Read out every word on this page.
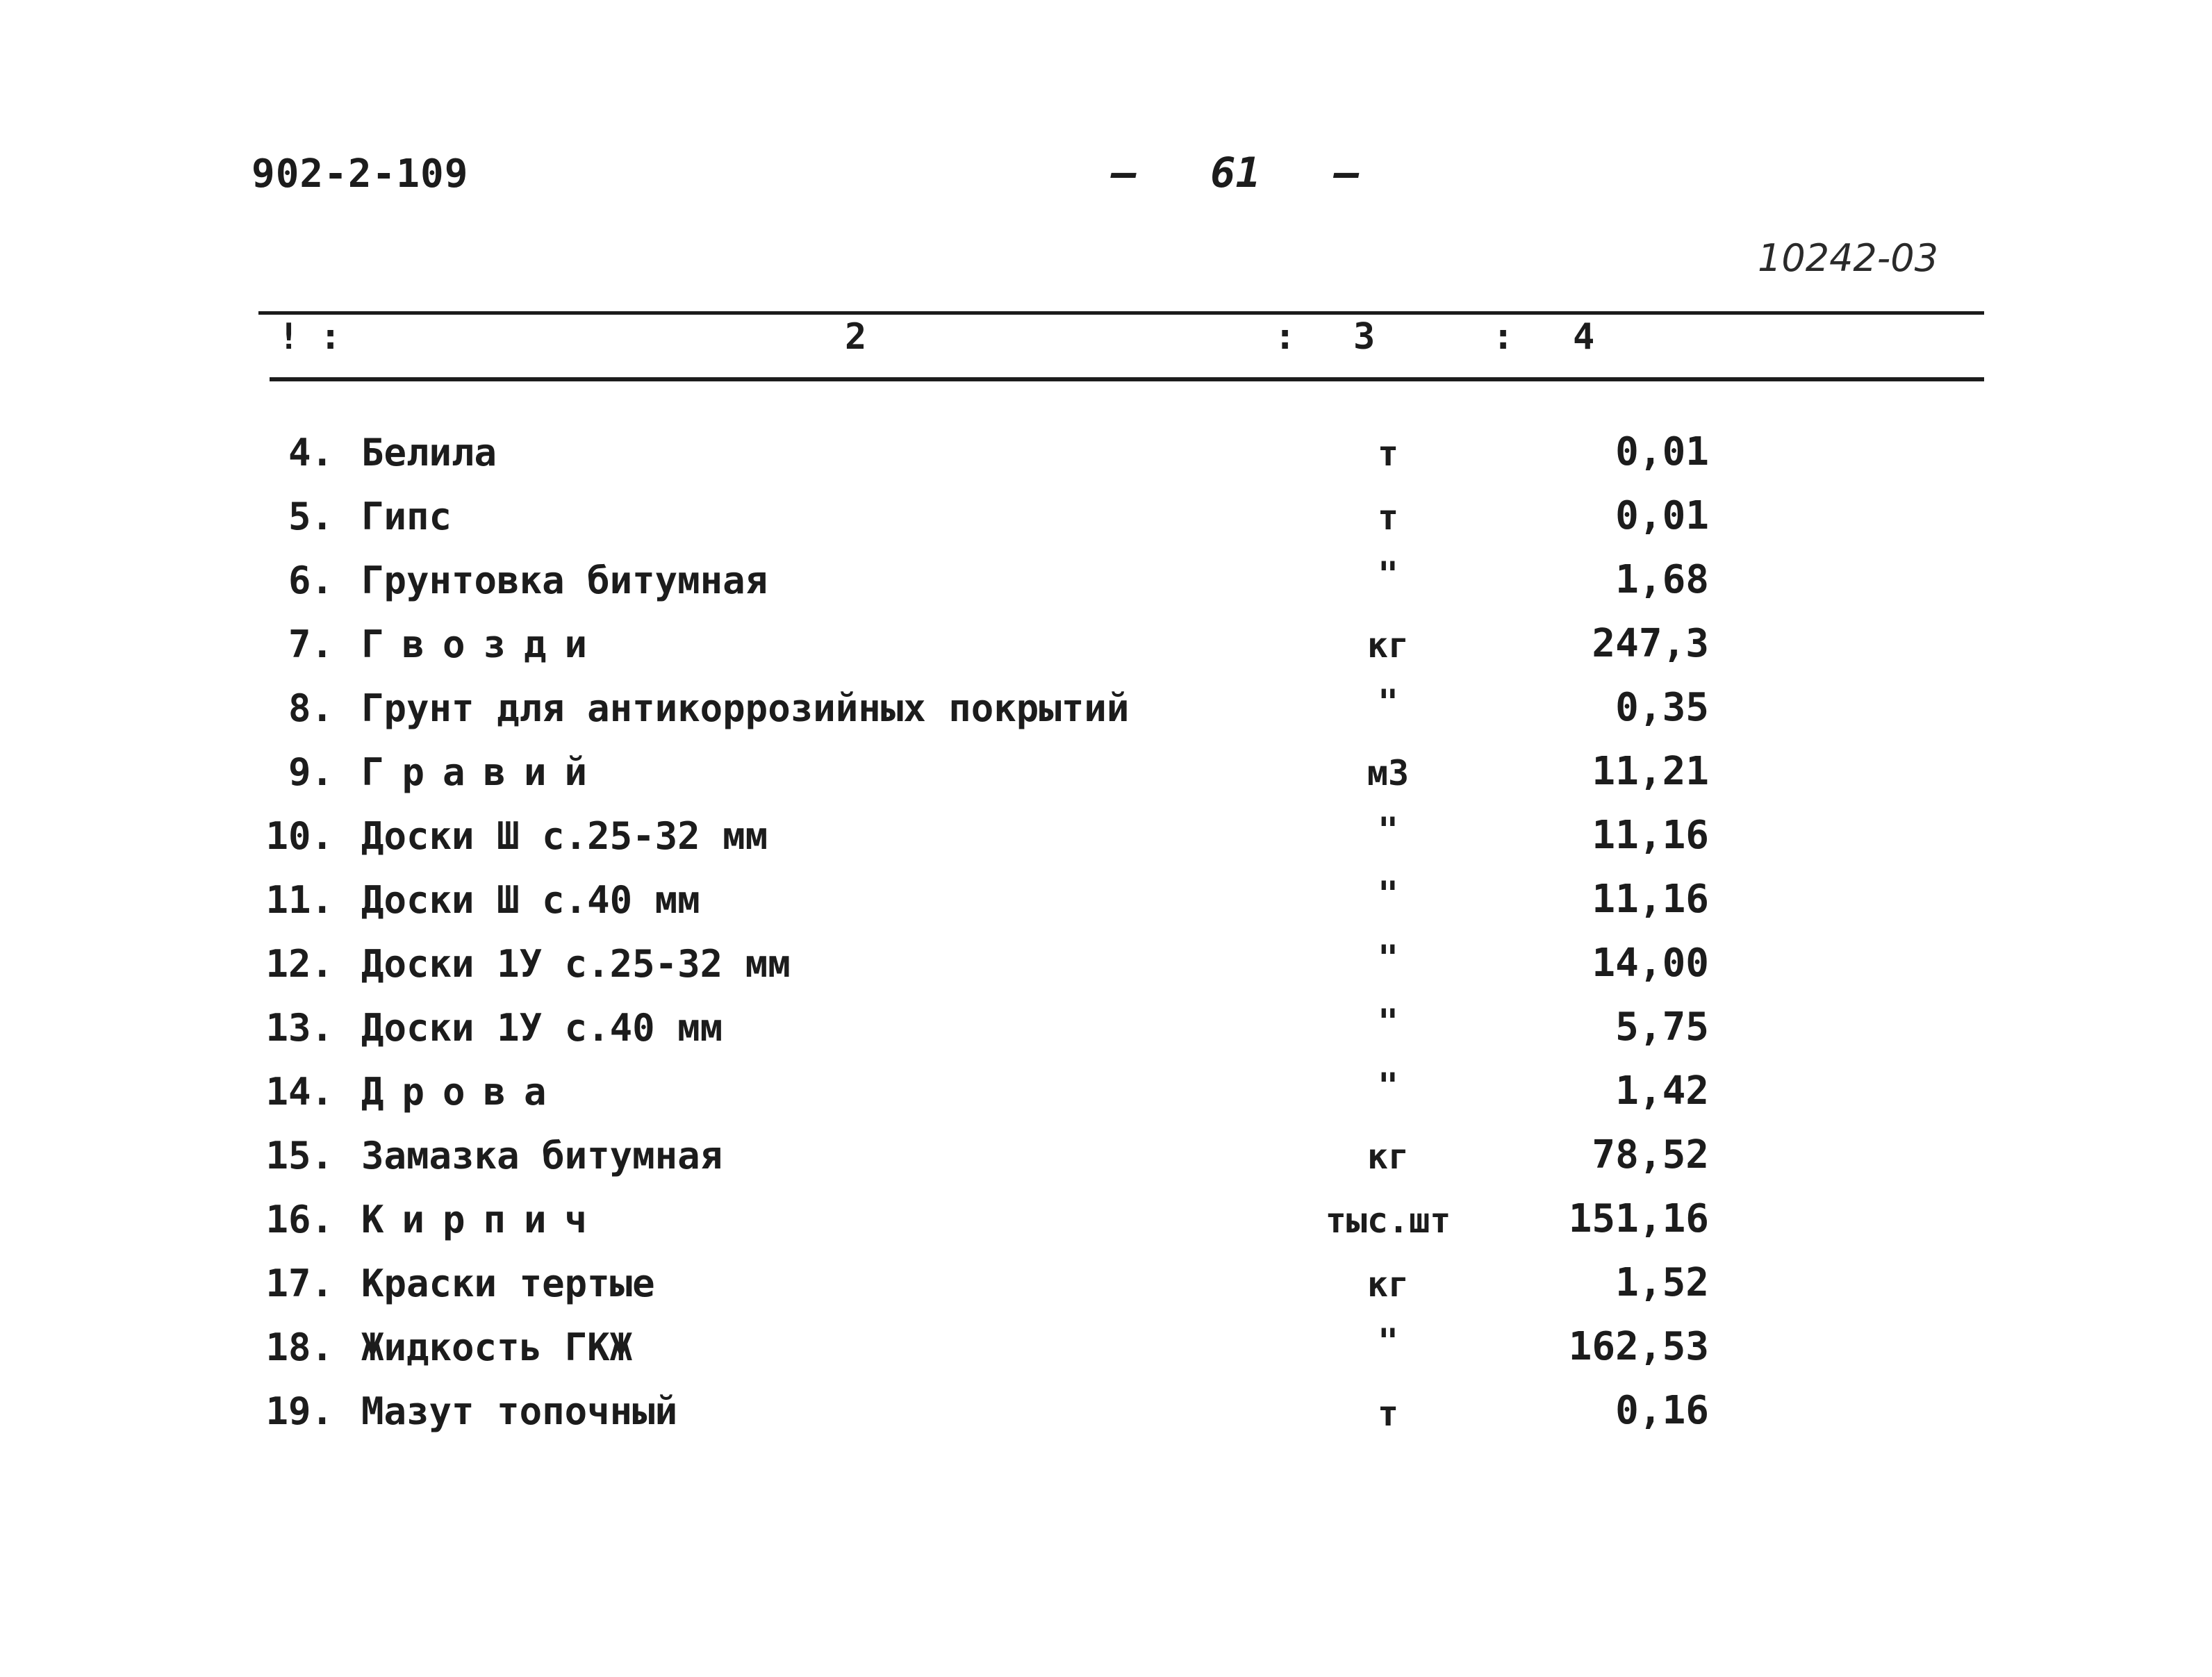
902-2-109	– 61 –
10242-03
! :	:	:
2	3	4
4. Белила	т	0,01
5. Гипс	т	0,01
6. Грунтовка битумная	"	1,68
7. Гвозди	кг	247,3
8. Грунт для антикоррозийных покрытий	"	0,35
9. Гравий	м3	11,21
10. Доски Ш с.25-32 мм	"	11,16
11. Доски Ш с.40 мм	"	11,16
12. Доски 1У с.25-32 мм	"	14,00
13. Доски 1У с.40 мм	"	5,75
14. Дрова	"	1,42
15. Замазка битумная	кг	78,52
16. Кирпич	тыс.шт	151,16
17. Краски тертые	кг	1,52
18. Жидкость ГКЖ	"	162,53
19. Мазут топочный	т	0,16
